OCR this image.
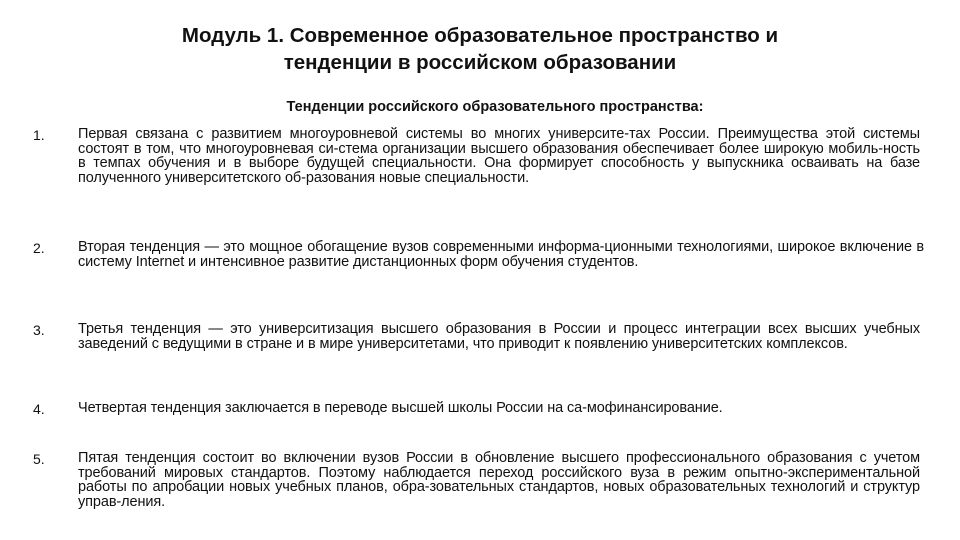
Модуль 1. Современное образовательное пространство и
тенденции в российском образовании
Тенденции российского образовательного пространства:
1. Первая связана с развитием многоуровневой системы во многих университе-тах России. Преимущества этой системы состоят в том, что многоуровневая си-стема организации высшего образования обеспечивает более широкую мобиль-ность в темпах обучения и в выборе будущей специальности. Она формирует способность у выпускника осваивать на базе полученного университетского об-разования новые специальности.

2. Вторая тенденция — это мощное обогащение вузов современными информа-ционными технологиями, широкое включение в систему Internet и интенсивное развитие дистанционных форм обучения студентов.

3. Третья тенденция — это университизация высшего образования в России и процесс интеграции всех высших учебных заведений с ведущими в стране и в мире университетами, что приводит к появлению университетских комплексов.

4. Четвертая тенденция заключается в переводе высшей школы России на са-мофинансирование.

5. Пятая тенденция состоит во включении вузов России в обновление высшего профессионального образования с учетом требований мировых стандартов. Поэтому наблюдается переход российского вуза в режим опытно-экспериментальной работы по апробации новых учебных планов, обра-зовательных стандартов, новых образовательных технологий и структур управ-ления.
